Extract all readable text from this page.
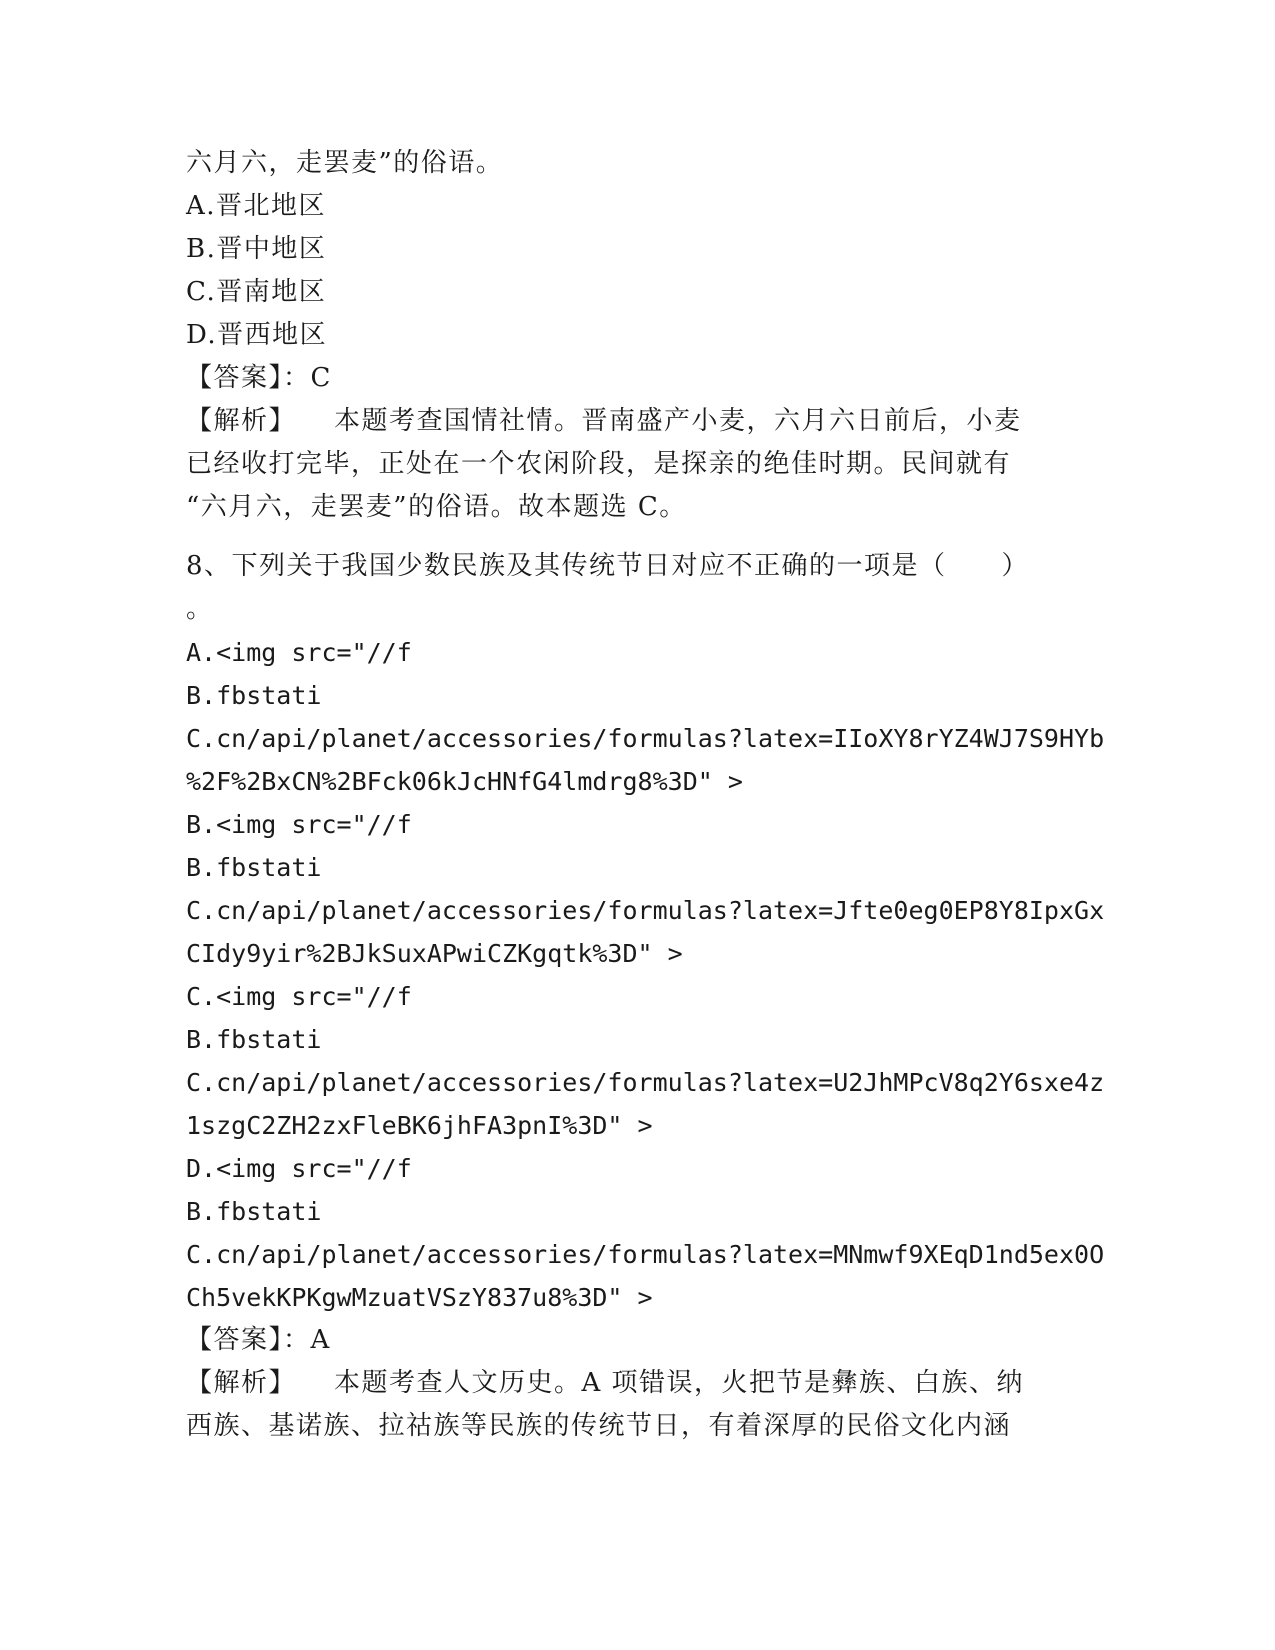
六月六，走罢麦”的俗语。
A.晋北地区
B.晋中地区
C.晋南地区
D.晋西地区
【答案】：C
【解析】 本题考查国情社情。晋南盛产小麦，六月六日前后，小麦
已经收打完毕，正处在一个农闲阶段，是探亲的绝佳时期。民间就有
“六月六，走罢麦”的俗语。故本题选 C。
8、下列关于我国少数民族及其传统节日对应不正确的一项是（　　）
。
A.<img src="//f
B.fbstati
C.cn/api/planet/accessories/formulas?latex=IIoXY8rYZ4WJ7S9HYb
%2F%2BxCN%2BFck06kJcHNfG4lmdrg8%3D" >
B.<img src="//f
B.fbstati
C.cn/api/planet/accessories/formulas?latex=Jfte0eg0EP8Y8IpxGx
CIdy9yir%2BJkSuxAPwiCZKgqtk%3D" >
C.<img src="//f
B.fbstati
C.cn/api/planet/accessories/formulas?latex=U2JhMPcV8q2Y6sxe4z
1szgC2ZH2zxFleBK6jhFA3pnI%3D" >
D.<img src="//f
B.fbstati
C.cn/api/planet/accessories/formulas?latex=MNmwf9XEqD1nd5ex0O
Ch5vekKPKgwMzuatVSzY837u8%3D" >
【答案】：A
【解析】 本题考查人文历史。A 项错误，火把节是彝族、白族、纳
西族、基诺族、拉祜族等民族的传统节日，有着深厚的民俗文化内涵
